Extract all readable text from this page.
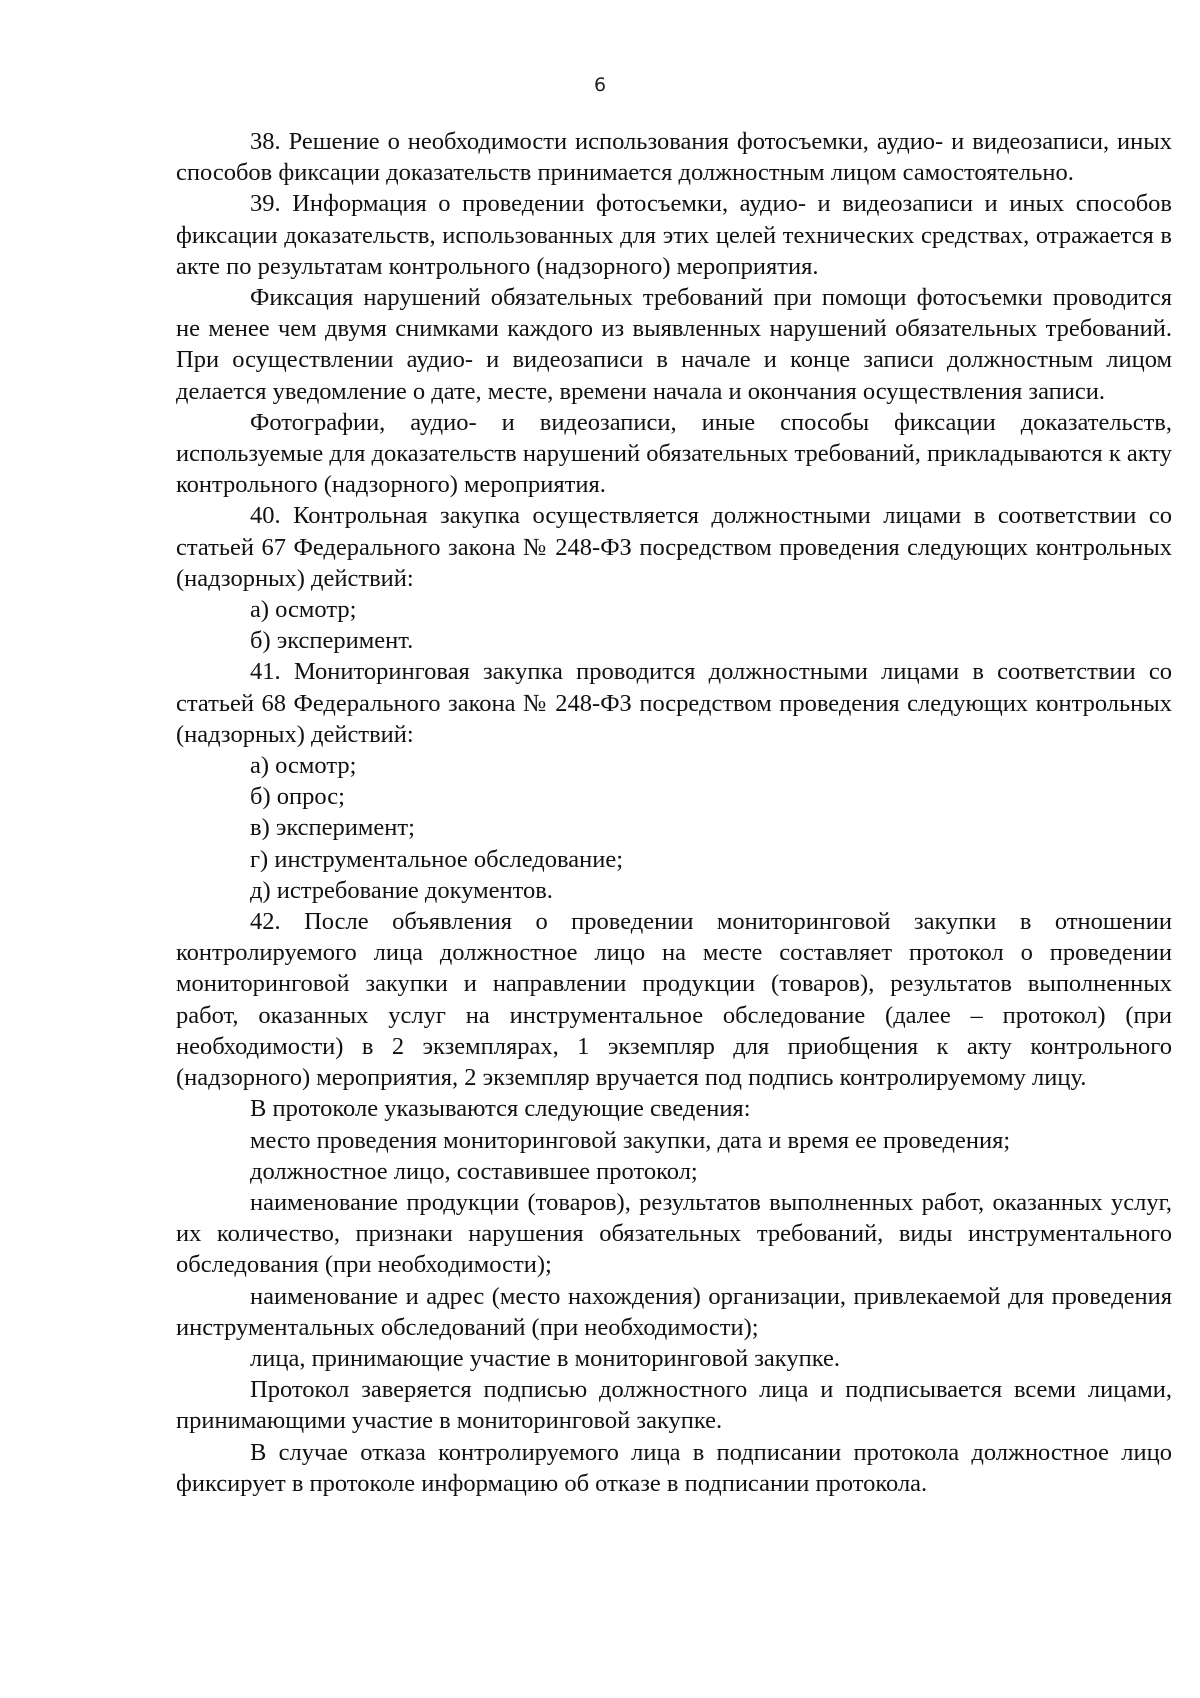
6

38. Решение о необходимости использования фотосъемки, аудио- и видеозаписи, иных способов фиксации доказательств принимается должностным лицом самостоятельно.

39. Информация о проведении фотосъемки, аудио- и видеозаписи и иных способов фиксации доказательств, использованных для этих целей технических средствах, отражается в акте по результатам контрольного (надзорного) мероприятия.

Фиксация нарушений обязательных требований при помощи фотосъемки проводится не менее чем двумя снимками каждого из выявленных нарушений обязательных требований. При осуществлении аудио- и видеозаписи в начале и конце записи должностным лицом делается уведомление о дате, месте, времени начала и окончания осуществления записи.

Фотографии, аудио- и видеозаписи, иные способы фиксации доказательств, используемые для доказательств нарушений обязательных требований, прикладываются к акту контрольного (надзорного) мероприятия.

40. Контрольная закупка осуществляется должностными лицами в соответствии со статьей 67 Федерального закона № 248-ФЗ посредством проведения следующих контрольных (надзорных) действий:

а) осмотр;

б) эксперимент.

41. Мониторинговая закупка проводится должностными лицами в соответствии со статьей 68 Федерального закона № 248-ФЗ посредством проведения следующих контрольных (надзорных) действий:

а) осмотр;

б) опрос;

в) эксперимент;

г) инструментальное обследование;

д) истребование документов.

42. После объявления о проведении мониторинговой закупки в отношении контролируемого лица должностное лицо на месте составляет протокол о проведении мониторинговой закупки и направлении продукции (товаров), результатов выполненных работ, оказанных услуг на инструментальное обследование (далее – протокол) (при необходимости) в 2 экземплярах, 1 экземпляр для приобщения к акту контрольного (надзорного) мероприятия, 2 экземпляр вручается под подпись контролируемому лицу.

В протоколе указываются следующие сведения:

место проведения мониторинговой закупки, дата и время ее проведения;

должностное лицо, составившее протокол;

наименование продукции (товаров), результатов выполненных работ, оказанных услуг, их количество, признаки нарушения обязательных требований, виды инструментального обследования (при необходимости);

наименование и адрес (место нахождения) организации, привлекаемой для проведения инструментальных обследований (при необходимости);

лица, принимающие участие в мониторинговой закупке.

Протокол заверяется подписью должностного лица и подписывается всеми лицами, принимающими участие в мониторинговой закупке.

В случае отказа контролируемого лица в подписании протокола должностное лицо фиксирует в протоколе информацию об отказе в подписании протокола.
